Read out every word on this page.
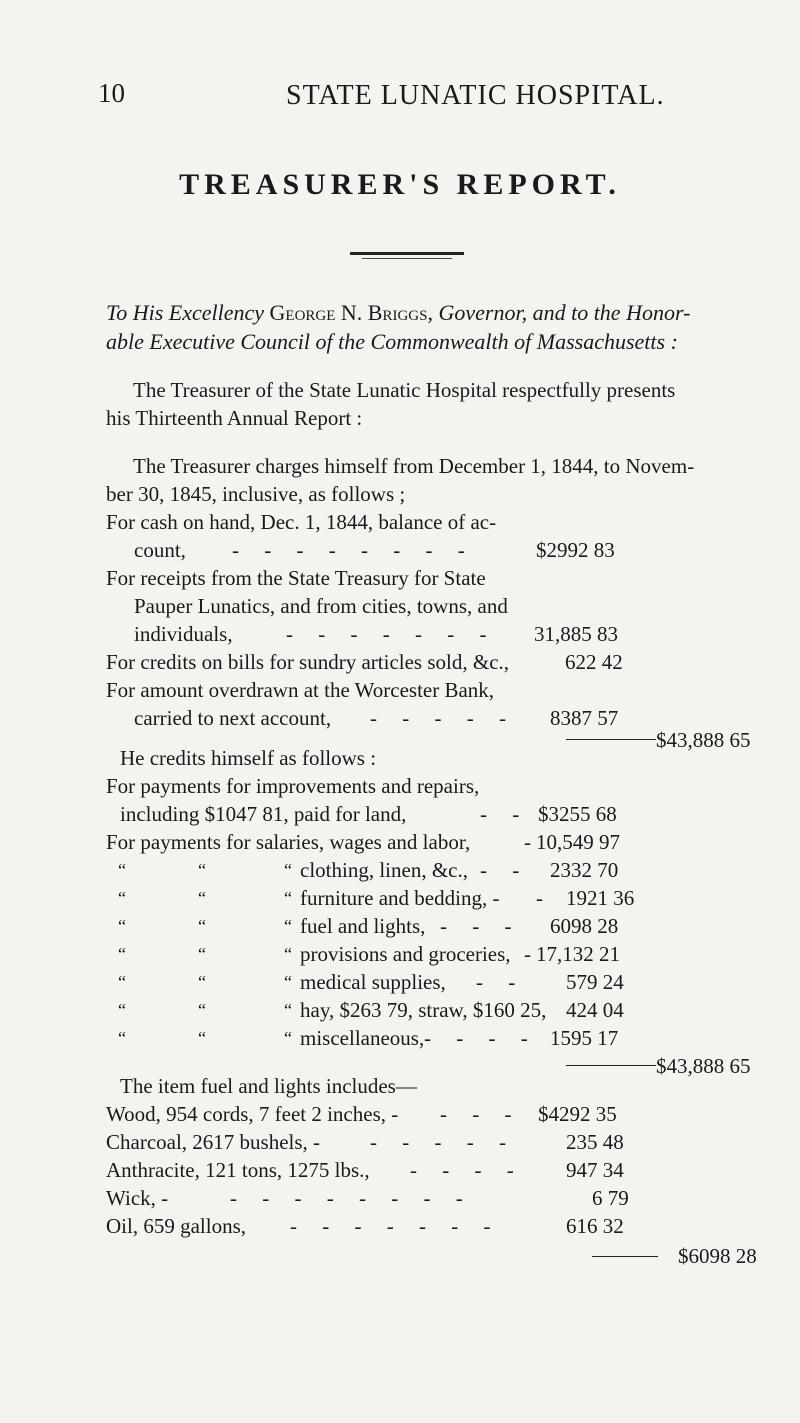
10	STATE LUNATIC HOSPITAL.
TREASURER'S REPORT.
To His Excellency George N. Briggs, Governor, and to the Honor-
able Executive Council of the Commonwealth of Massachusetts :
The Treasurer of the State Lunatic Hospital respectfully presents
his Thirteenth Annual Report :
The Treasurer charges himself from December 1, 1844, to Novem-
ber 30, 1845, inclusive, as follows ;
For cash on hand, Dec. 1, 1844, balance of ac-
count, - - - - - - - -	$2992 83
For receipts from the State Treasury for State
Pauper Lunatics, and from cities, towns, and
individuals,	- - - - - - - 31,885 83
For credits on bills for sundry articles sold, &c.,	622 42
For amount overdrawn at the Worcester Bank,
carried to next account, - - - - - 8387 57
$43,888 65
He credits himself as follows :
For payments for improvements and repairs,
including $1047 81, paid for land,	- - $3255 68
For payments for salaries, wages and labor,	- 10,549 97
“	“	“ clothing, linen, &c., - - 2332 70
“	“	“ furniture and bedding, - - 1921 36
“	“	“ fuel and lights, - - - 6098 28
“	“	“ provisions and groceries, - 17,132 21
“	“	“ medical supplies, - - 579 24
“	“	“ hay, $263 79, straw, $160 25, 424 04
“	“	“ miscellaneous, - - - - 1595 17
$43,888 65
The item fuel and lights includes—
Wood, 954 cords, 7 feet 2 inches, - - - - $4292 35
Charcoal, 2617 bushels, - - - - - - 235 48
Anthracite, 121 tons, 1275 lbs., - - - - 947 34
Wick, -	- - - - - - - -	6 79
Oil, 659 gallons, - - - - - - -	616 32
$6098 28
